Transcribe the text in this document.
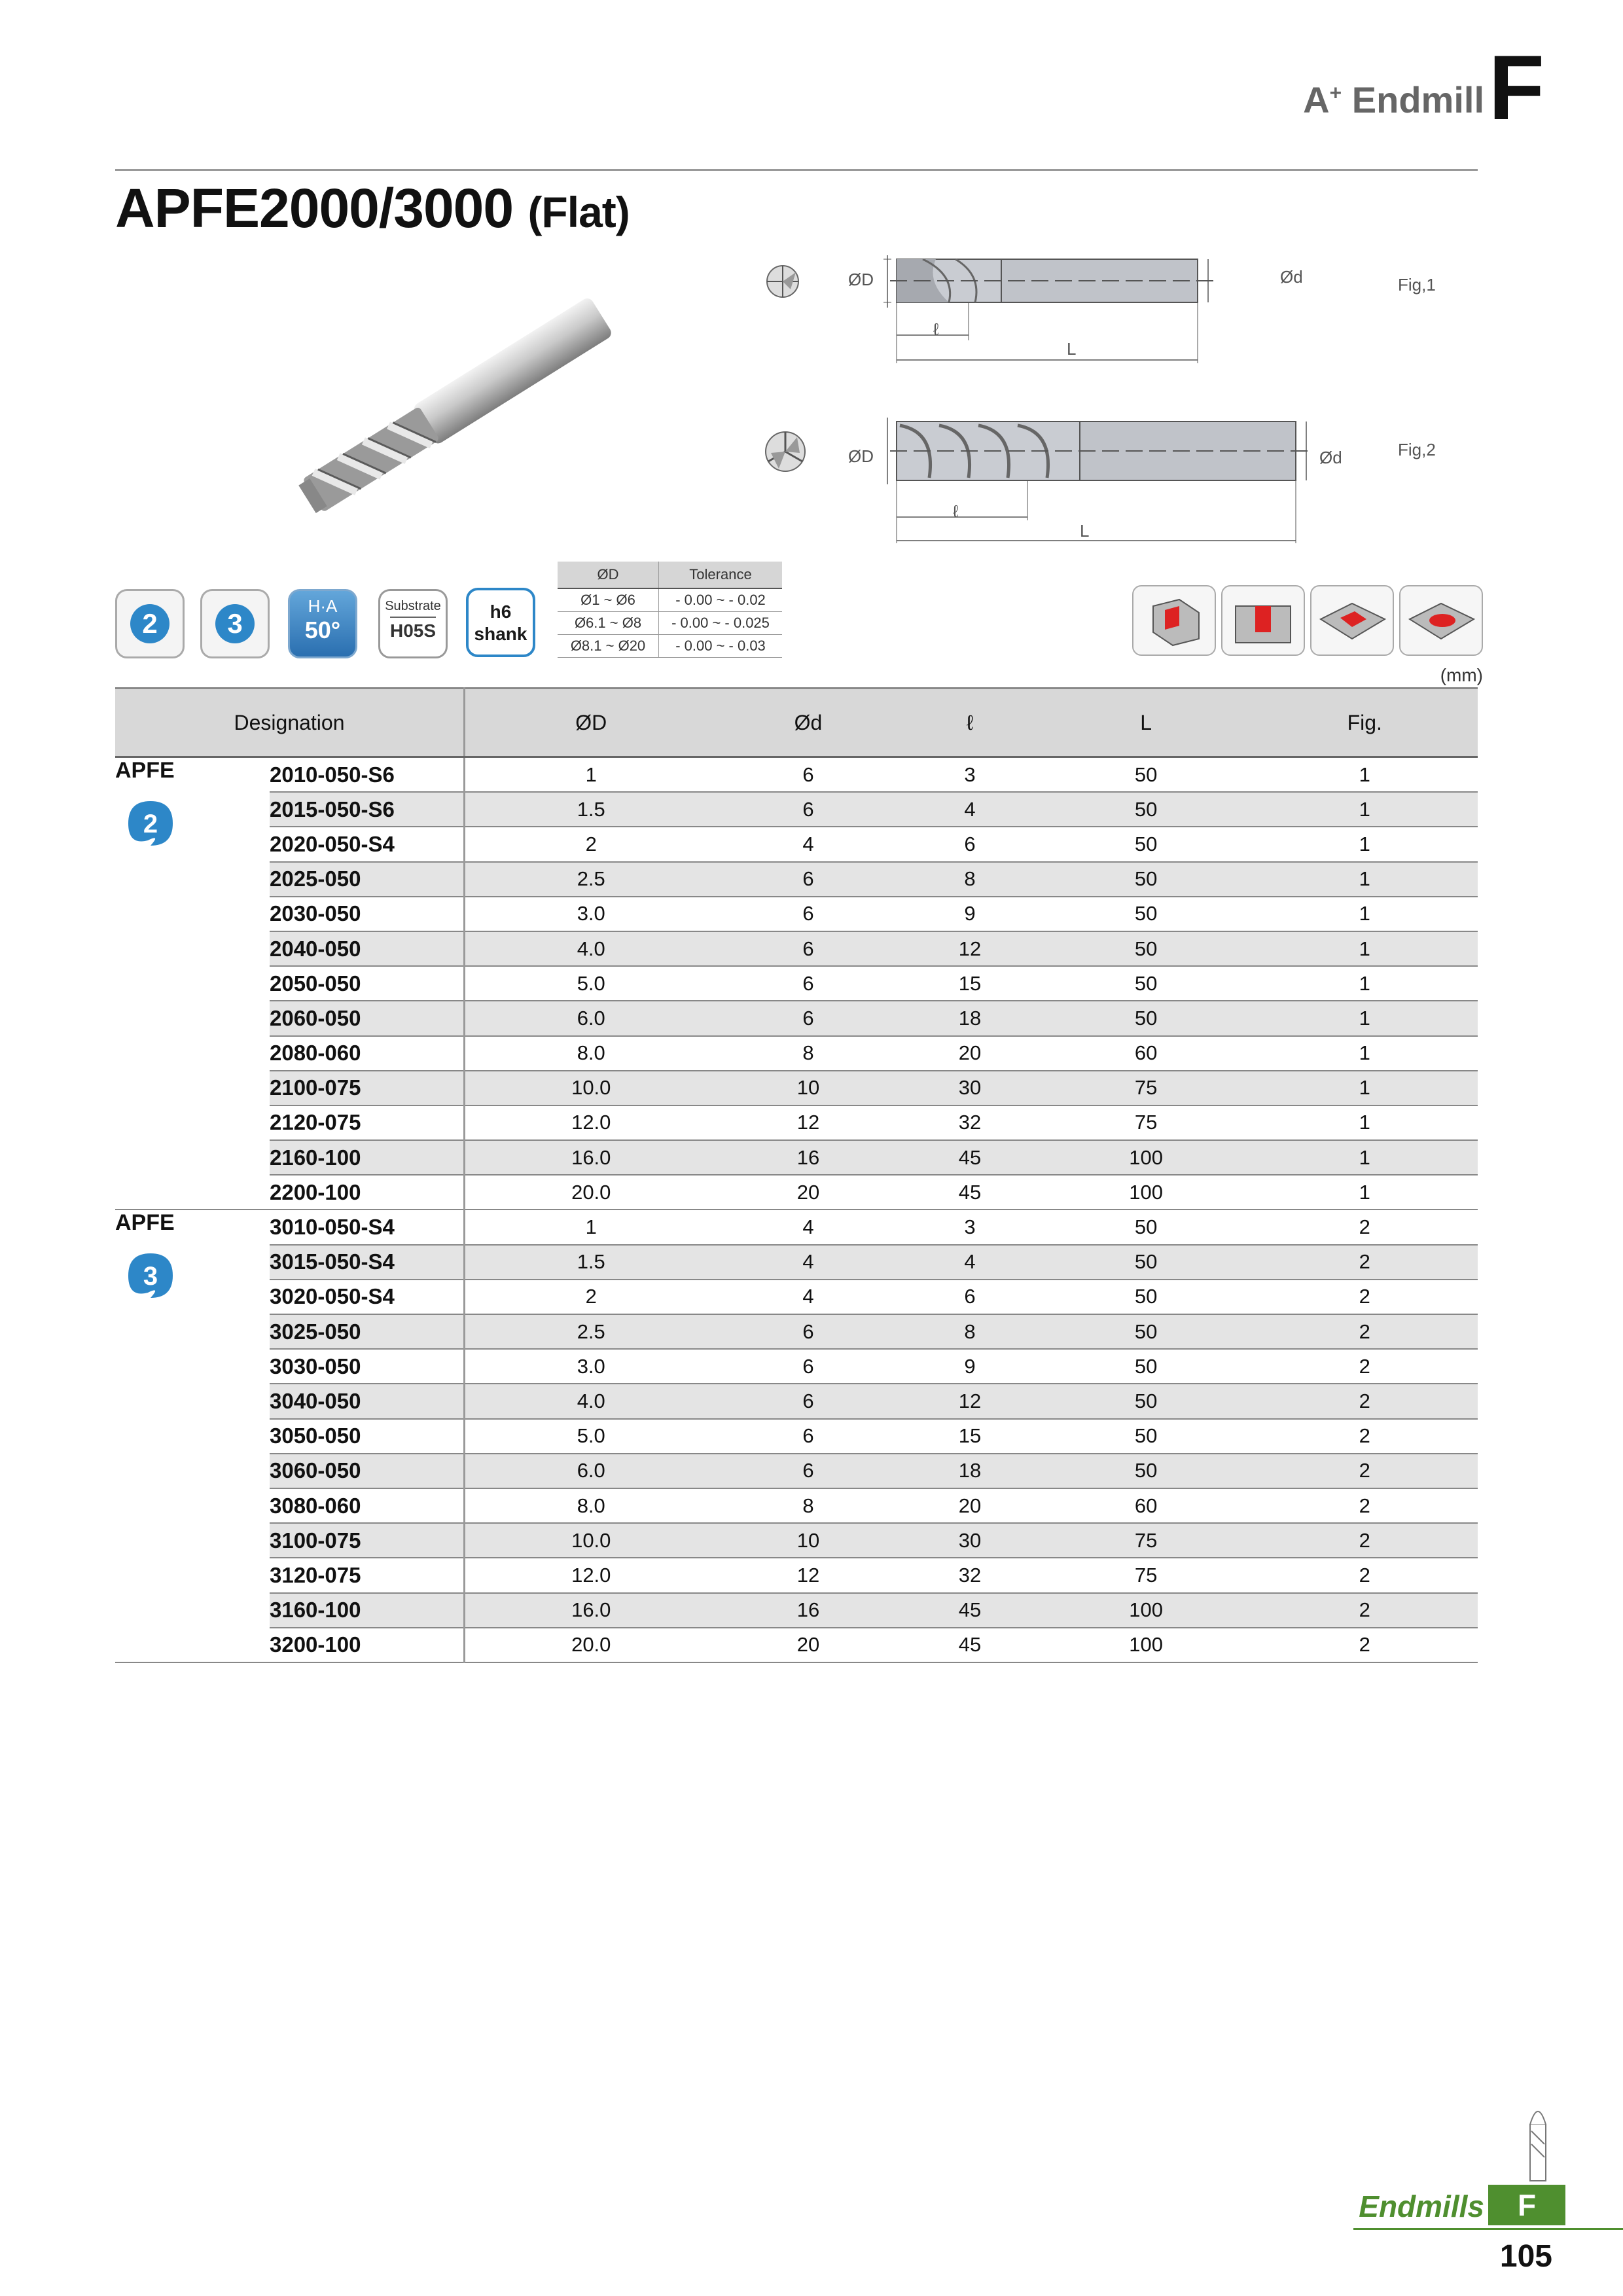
A+ Endmill F
APFE2000/3000 (Flat)
ØD	Ød
ℓ
L
Fig,1
ØD	Ød
ℓ
L
Fig,2
2	3
H·A
50°
Substrate
H05S
h6
shank
ØD	Tolerance
Ø1 ~ Ø6	- 0.00 ~ - 0.02
Ø6.1 ~ Ø8	- 0.00 ~ - 0.025
Ø8.1 ~ Ø20	- 0.00 ~ - 0.03
(mm)
Designation		ØD	Ød	ℓ	L	Fig.
APFE
2	2010-050-S6	1	6	3	50	1
	2015-050-S6	1.5	6	4	50	1
	2020-050-S4	2	4	6	50	1
	2025-050	2.5	6	8	50	1
	2030-050	3.0	6	9	50	1
	2040-050	4.0	6	12	50	1
	2050-050	5.0	6	15	50	1
	2060-050	6.0	6	18	50	1
	2080-060	8.0	8	20	60	1
	2100-075	10.0	10	30	75	1
	2120-075	12.0	12	32	75	1
	2160-100	16.0	16	45	100	1
	2200-100	20.0	20	45	100	1
APFE
3	3010-050-S4	1	4	3	50	2
	3015-050-S4	1.5	4	4	50	2
	3020-050-S4	2	4	6	50	2
	3025-050	2.5	6	8	50	2
	3030-050	3.0	6	9	50	2
	3040-050	4.0	6	12	50	2
	3050-050	5.0	6	15	50	2
	3060-050	6.0	6	18	50	2
	3080-060	8.0	8	20	60	2
	3100-075	10.0	10	30	75	2
	3120-075	12.0	12	32	75	2
	3160-100	16.0	16	45	100	2
	3200-100	20.0	20	45	100	2
Endmills	F
105
